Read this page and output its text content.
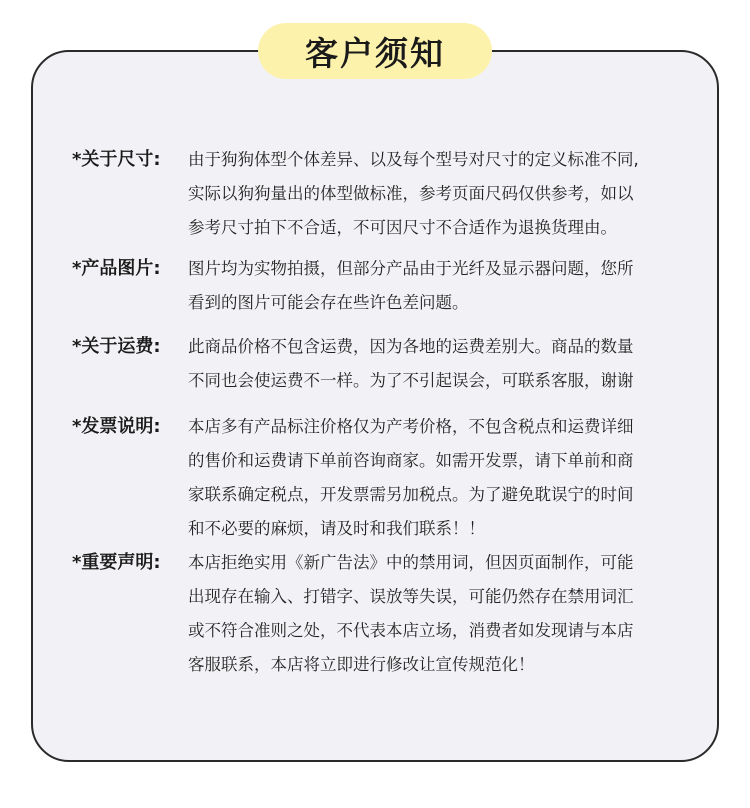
客户须知
*关于尺寸: 由于狗狗体型个体差异、以及每个型号对尺寸的定义标准不同,
实际以狗狗量出的体型做标准，参考页面尺码仅供参考，如以
参考尺寸拍下不合适，不可因尺寸不合适作为退换货理由。
*产品图片: 图片均为实物拍摄，但部分产品由于光纤及显示器问题，您所
看到的图片可能会存在些许色差问题。
*关于运费: 此商品价格不包含运费，因为各地的运费差别大。商品的数量
不同也会使运费不一样。为了不引起误会，可联系客服，谢谢
*发票说明: 本店多有产品标注价格仅为产考价格，不包含税点和运费详细
的售价和运费请下单前咨询商家。如需开发票，请下单前和商
家联系确定税点，开发票需另加税点。为了避免耽误宁的时间
和不必要的麻烦，请及时和我们联系！！
*重要声明: 本店拒绝实用《新广告法》中的禁用词，但因页面制作，可能
出现存在输入、打错字、误放等失误，可能仍然存在禁用词汇
或不符合准则之处，不代表本店立场，消费者如发现请与本店
客服联系，本店将立即进行修改让宣传规范化！
